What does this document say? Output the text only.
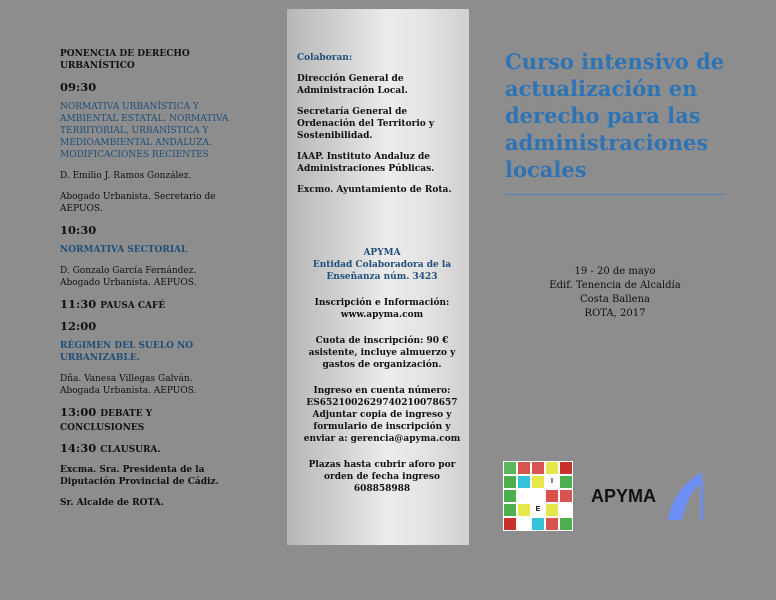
PONENCIA DE DERECHO URBANÍSTICO
09:30
NORMATIVA URBANÍSTICA Y AMBIENTAL ESTATAL. NORMATIVA TERRITORIAL, URBANÍSTICA Y MEDIOAMBIENTAL ANDALUZA. MODIFICACIONES RECIENTES
D. Emilio J. Ramos González.
Abogado Urbanista. Secretario de AEPUOS.
10:30
NORMATIVA SECTORIAL
D. Gonzalo García Fernández. Abogado Urbanista. AEPUOS.
11:30 PAUSA CAFÉ
12:00
RÉGIMEN DEL SUELO NO URBANIZABLE.
Dña. Vanesa Villegas Galván. Abogada Urbanista. AEPUOS.
13:00 DEBATE Y CONCLUSIONES
14:30 CLAUSURA.
Excma. Sra. Presidenta de la Diputación Provincial de Cádiz.
Sr. Alcalde de ROTA.
Colaboran:
Dirección General de Administración Local.
Secretaría General de Ordenación del Territorio y Sostenibilidad.
IAAP. Instituto Andaluz de Administraciones Públicas.
Excmo. Ayuntamiento de Rota.
APYMA
Entidad Colaboradora de la Enseñanza núm. 3423
Inscripción e Información:
www.apyma.com
Cuota de inscripción: 90 € asistente, incluye almuerzo y gastos de organización.
Ingreso en cuenta número: ES6521002629740210078657 Adjuntar copia de ingreso y formulario de inscripción y enviar a: gerencia@apyma.com
Plazas hasta cubrir aforo por orden de fecha ingreso
608858988
Curso intensivo de actualización en derecho para las administraciones locales
19 - 20 de mayo
Edif. Tenencia de Alcaldía
Costa Ballena
ROTA, 2017
I
E
APYMA
